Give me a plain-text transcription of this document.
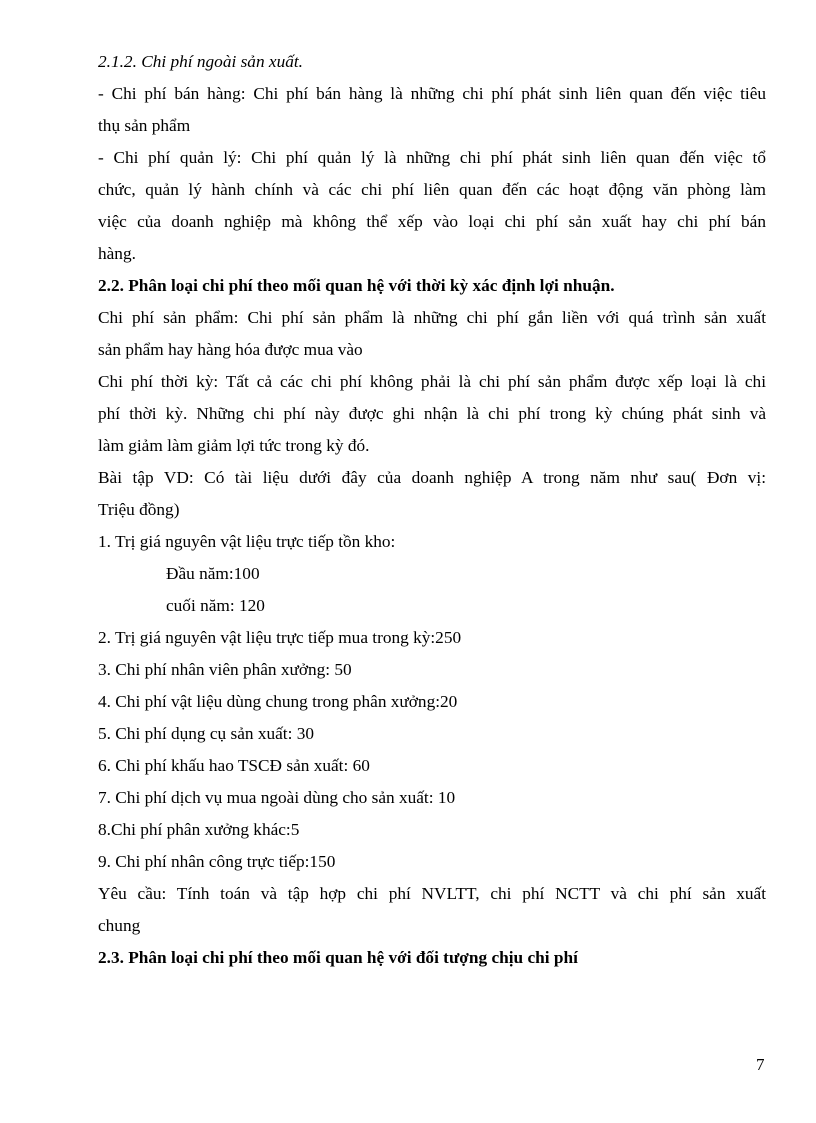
2.1.2. Chi phí ngoài sản xuất.
- Chi phí bán hàng: Chi phí bán hàng là những chi phí phát sinh liên quan đến việc tiêu
thụ sản phẩm
- Chi phí quản lý: Chi phí quản lý là những chi phí phát sinh liên quan đến việc tổ
chức, quản lý hành chính và các chi phí liên quan đến các hoạt động văn phòng làm
việc của doanh nghiệp mà không thể xếp vào loại chi phí sản xuất hay chi phí bán
hàng.
2.2. Phân loại chi phí theo mối quan hệ với thời kỳ xác định lợi nhuận.
Chi phí sản phẩm: Chi phí sản phẩm là những chi phí gắn liền với quá trình sản xuất
sản phẩm hay hàng hóa được mua vào
Chi phí thời kỳ: Tất cả các chi phí không phải là chi phí sản phẩm được xếp loại là chi
phí thời kỳ. Những chi phí này được ghi nhận là chi phí trong kỳ chúng phát sinh và
làm giảm làm giảm lợi tức trong kỳ đó.
Bài tập VD: Có tài liệu dưới đây của doanh nghiệp A trong năm như sau( Đơn vị:
Triệu đồng)
1. Trị giá nguyên vật liệu trực tiếp tồn kho:
Đầu năm:100
cuối năm: 120
2. Trị giá nguyên vật liệu trực tiếp mua trong kỳ:250
3. Chi phí nhân viên phân xưởng: 50
4. Chi phí vật liệu dùng chung trong phân xưởng:20
5. Chi phí dụng cụ sản xuất: 30
6. Chi phí khấu hao TSCĐ sản xuất: 60
7. Chi phí dịch vụ mua ngoài dùng cho sản xuất: 10
8.Chi phí phân xưởng khác:5
9. Chi phí nhân công trực tiếp:150
Yêu cầu: Tính toán và tập hợp chi phí NVLTT, chi phí NCTT và chi phí sản xuất
chung
2.3. Phân loại chi phí theo mối quan hệ với đối tượng chịu chi phí
7
